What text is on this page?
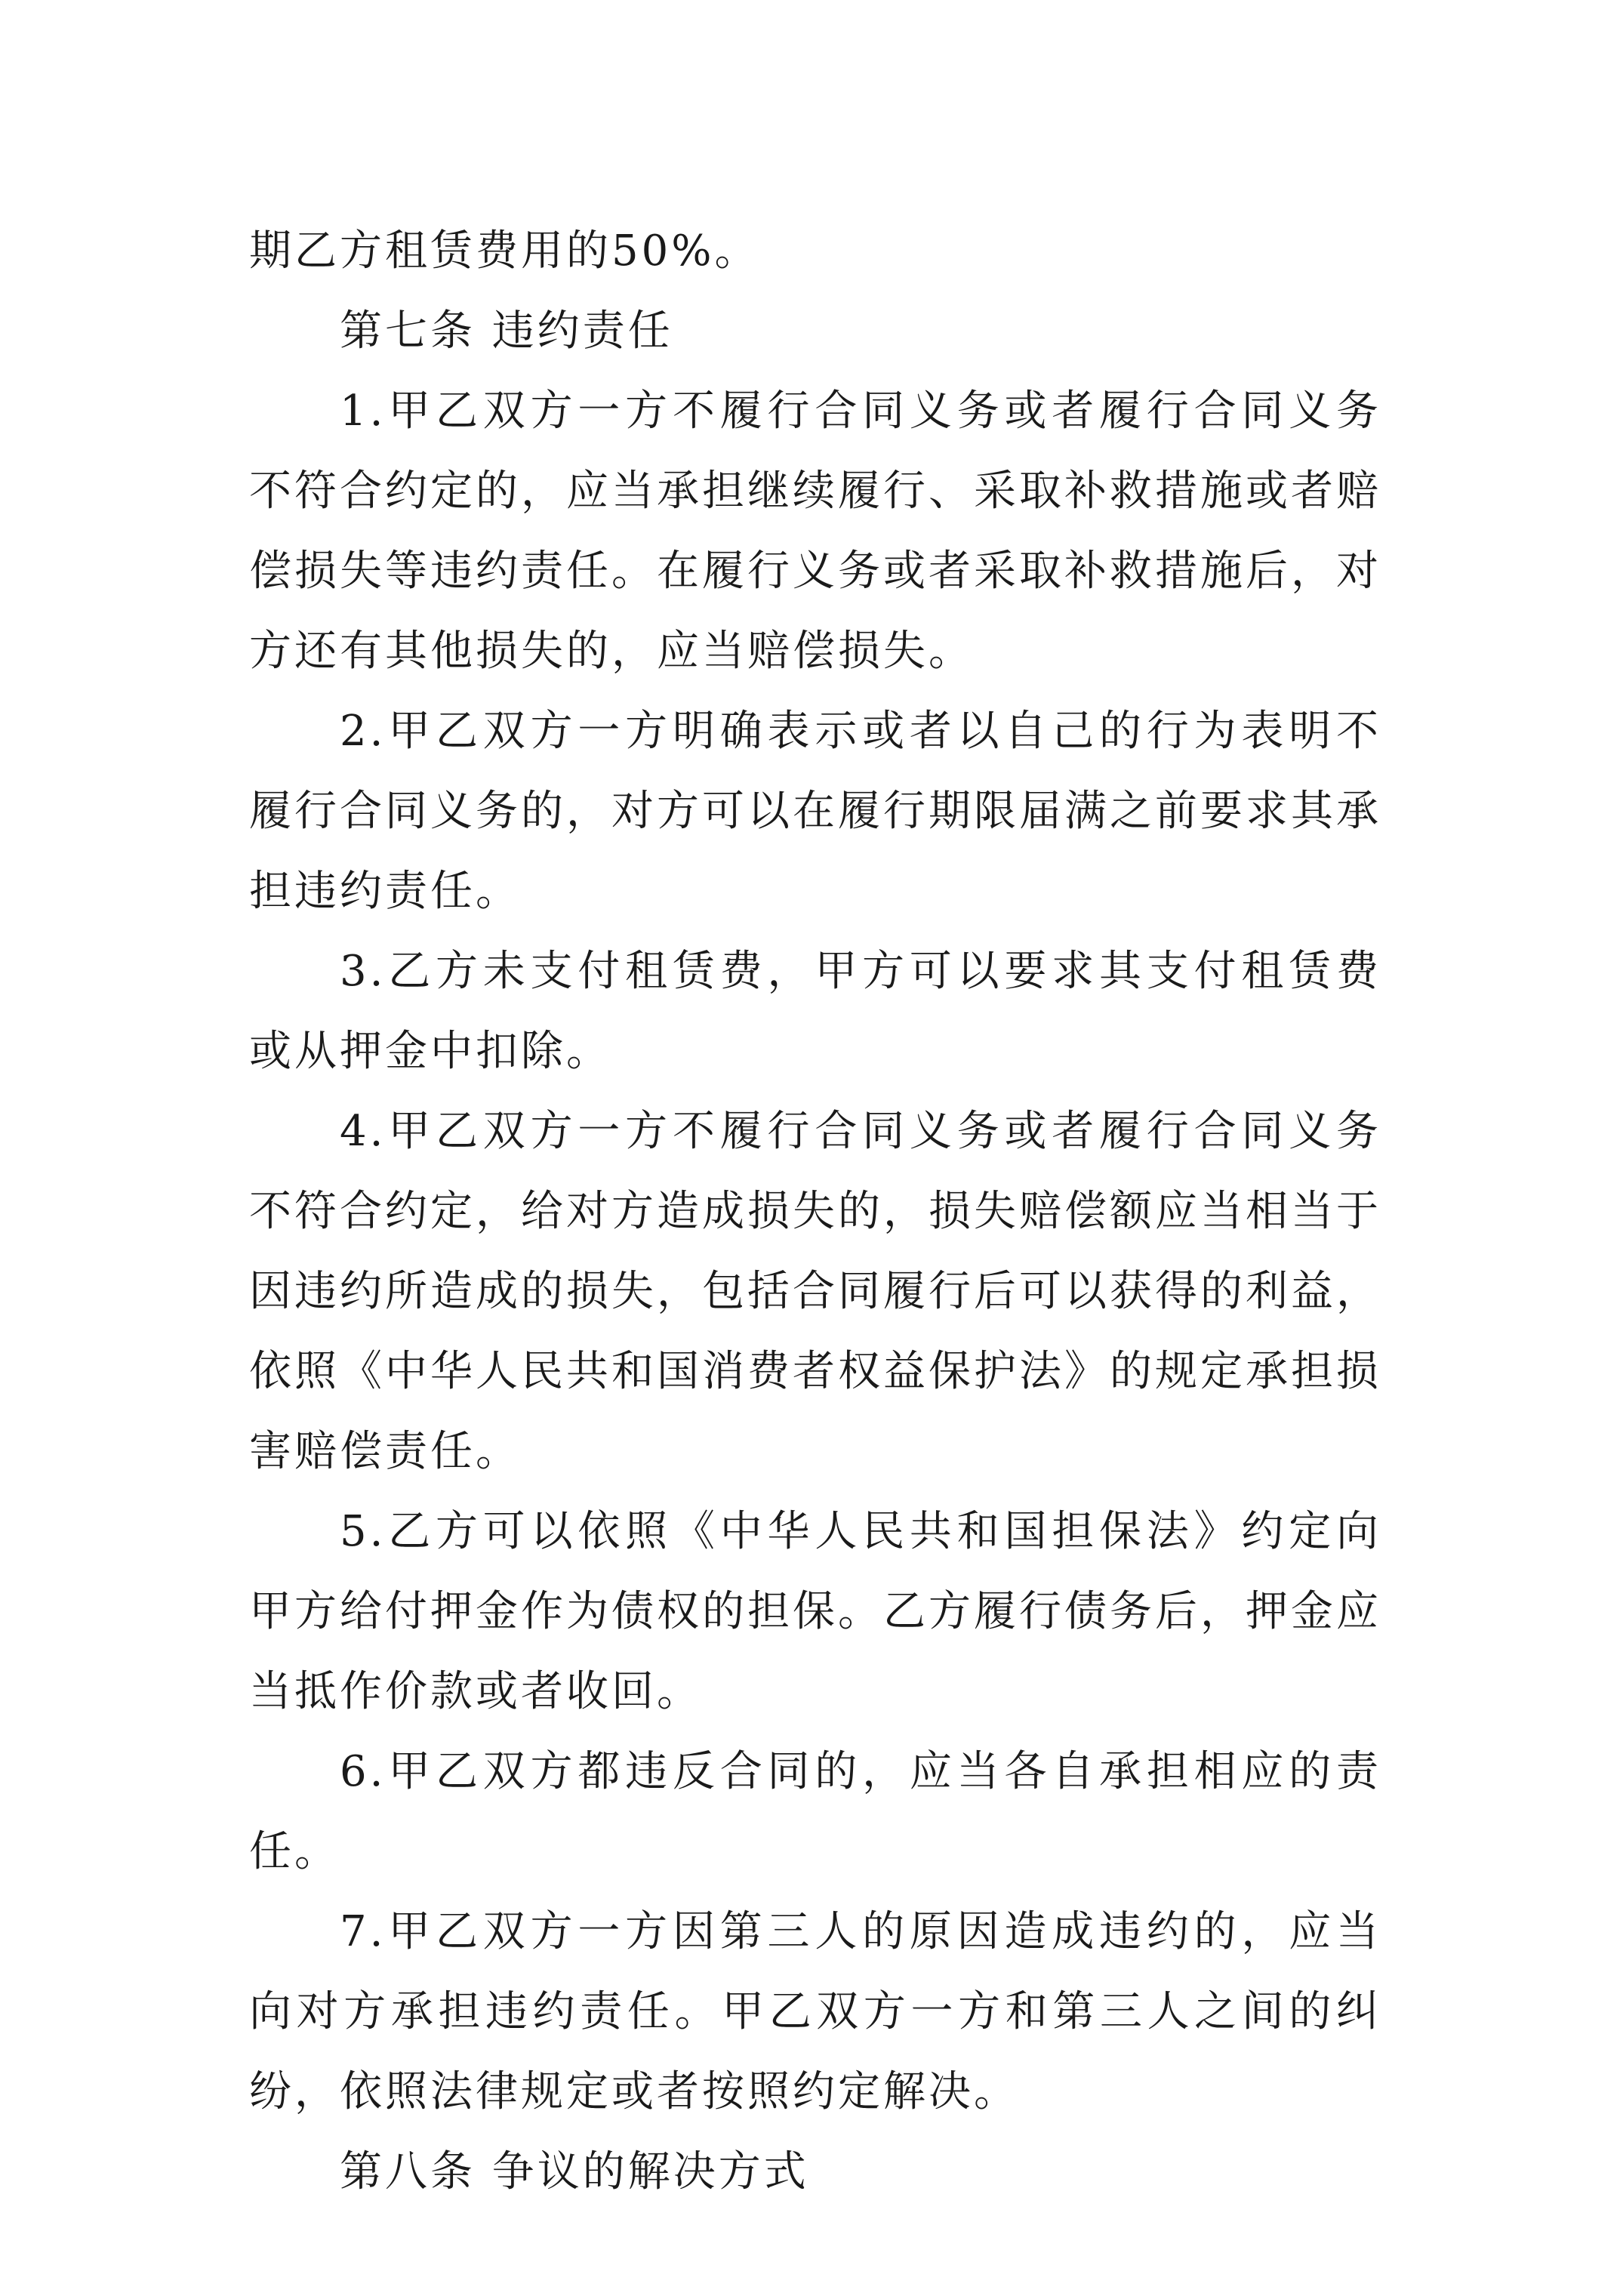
期乙方租赁费用的50%。

第七条 违约责任

1.甲乙双方一方不履行合同义务或者履行合同义务不符合约定的，应当承担继续履行、采取补救措施或者赔偿损失等违约责任。在履行义务或者采取补救措施后，对方还有其他损失的，应当赔偿损失。

2.甲乙双方一方明确表示或者以自己的行为表明不履行合同义务的，对方可以在履行期限届满之前要求其承担违约责任。

3.乙方未支付租赁费，甲方可以要求其支付租赁费或从押金中扣除。

4.甲乙双方一方不履行合同义务或者履行合同义务不符合约定，给对方造成损失的，损失赔偿额应当相当于因违约所造成的损失，包括合同履行后可以获得的利益，依照《中华人民共和国消费者权益保护法》的规定承担损害赔偿责任。

5.乙方可以依照《中华人民共和国担保法》约定向甲方给付押金作为债权的担保。乙方履行债务后，押金应当抵作价款或者收回。

6.甲乙双方都违反合同的，应当各自承担相应的责任。

7.甲乙双方一方因第三人的原因造成违约的，应当向对方承担违约责任。甲乙双方一方和第三人之间的纠纷，依照法律规定或者按照约定解决。

第八条 争议的解决方式
